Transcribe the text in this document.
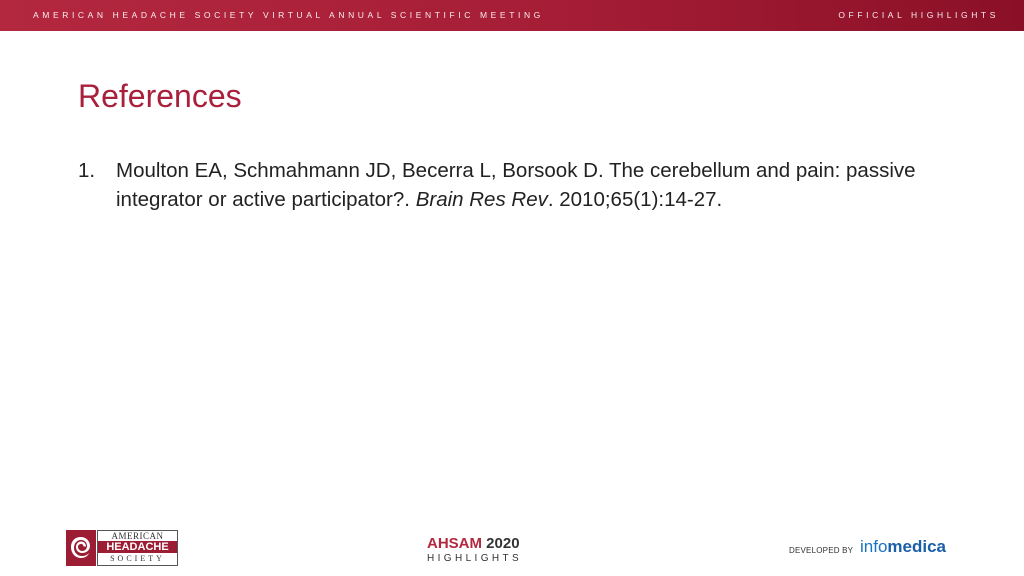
AMERICAN HEADACHE SOCIETY VIRTUAL ANNUAL SCIENTIFIC MEETING	OFFICIAL HIGHLIGHTS
References
1. Moulton EA, Schmahmann JD, Becerra L, Borsook D. The cerebellum and pain: passive integrator or active participator?. Brain Res Rev. 2010;65(1):14-27.
AMERICAN
HEADACHE
SOCIETY
AHSAM 2020
HIGHLIGHTS
DEVELOPED BY infomedica
